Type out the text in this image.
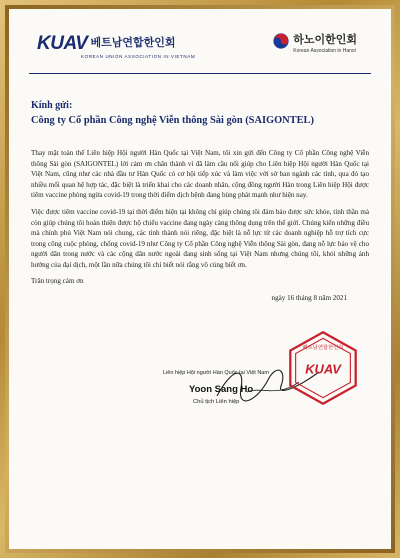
KUAV 베트남연합한인회
KOREAN UNION ASSOCIATION IN VIETNAM
하노이한인회
Korean Association in Hanoi
Kính gửi:
Công ty Cổ phần Công nghệ Viễn thông Sài gòn (SAIGONTEL)

Thay mặt toàn thể Liên hiệp Hội người Hàn Quốc tại Việt Nam, tôi xin gửi đến Công ty Cổ phần Công nghệ Viễn thông Sài gòn (SAIGONTEL) lời cảm ơn chân thành vì đã làm cầu nối giúp cho Liên hiệp Hội người Hàn Quốc tại Việt Nam, cũng như các nhà đầu tư Hàn Quốc có cơ hội tiếp xúc và làm việc với sở ban ngành các tỉnh, qua đó tạo nhiều mối quan hệ hợp tác, đặc biệt là triển khai cho các doanh nhân, cộng đồng người Hàn trong Liên hiệp Hội được tiêm vaccine phòng ngừa covid-19 trong thời điểm dịch bệnh đang bùng phát mạnh như hiện nay.

Việc được tiêm vaccine covid-19 tại thời điểm hiện tại không chỉ giúp chúng tôi đảm bảo được sức khỏe, tính thần mà còn giúp chúng tôi hoàn thiện được hộ chiếu vaccine đang ngày càng thông dụng trên thế giới. Chúng kiến những điều mà chính phủ Việt Nam nói chung, các tỉnh thành nói riêng, đặc biệt là nỗ lực từ các doanh nghiệp hỗ trợ tích cực trong công cuộc phòng, chống covid-19 như Công ty Cổ phần Công nghệ Viễn thông Sài gòn, đang nỗ lực bảo vệ cho người dân trong nước và các cộng dân nước ngoài đang sinh sống tại Việt Nam nhưng chúng tôi, khỏi những ảnh hưởng của đại dịch, một lần nữa chúng tôi chỉ biết nói rằng vô cùng biết ơn.

Trân trọng cảm ơn
ngày 16 tháng 8 năm 2021
KUAV
베트남연합한인회
Liên hiệp Hội người Hàn Quốc tại Việt Nam
Yoon Sang Ho
Chủ tịch Liên hiệp
